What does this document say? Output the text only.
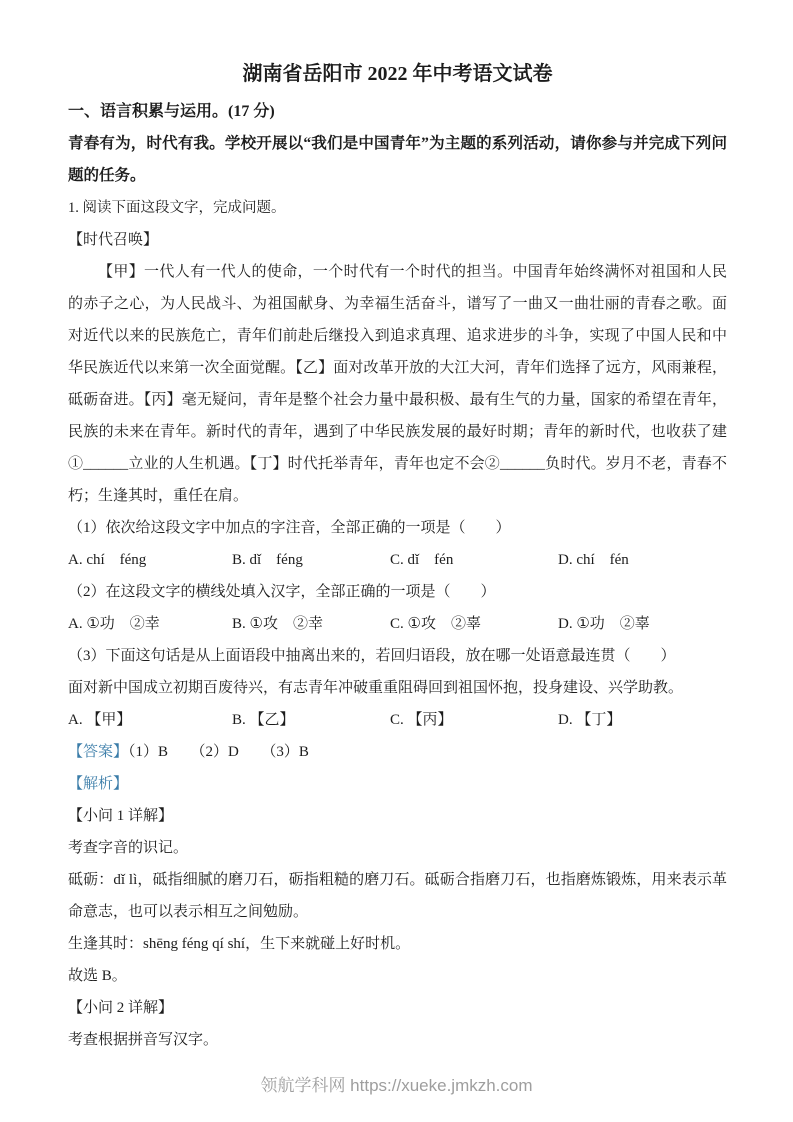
湖南省岳阳市 2022 年中考语文试卷
一、语言积累与运用。(17 分)

青春有为，时代有我。学校开展以“我们是中国青年”为主题的系列活动，请你参与并完成下列问题的任务。

1. 阅读下面这段文字，完成问题。

【时代召唤】

【甲】一代人有一代人的使命，一个时代有一个时代的担当。中国青年始终满怀对祖国和人民的赤子之心，为人民战斗、为祖国献身、为幸福生活奋斗，谱写了一曲又一曲壮丽的青春之歌。面对近代以来的民族危亡，青年们前赴后继投入到追求真理、追求进步的斗争，实现了中国人民和中华民族近代以来第一次全面觉醒。【乙】面对改革开放的大江大河，青年们选择了远方，风雨兼程，砥 •砺奋进。【丙】毫无疑问，青年是整个社会力量中最积极、最有生气的力量，国家的希望在青年，民族的未来在青年。新时代的青年，遇到了中华民族发展的最好时期；青年的新时代，也收获了建①______立业的人生机遇。【丁】时代托举青年，青年也定不会②______负时代。岁月不老，青春不朽；生逢 •其时，重任在肩。

（1）依次给这段文字中加点的字注音，全部正确的一项是（　　）

A. chí　féng	B. dǐ　féng	C. dǐ　fén	D. chí　fén

（2）在这段文字的横线处填入汉字，全部正确的一项是（　　）

A. ①功　②幸	B. ①攻　②幸	C. ①攻　②辜	D. ①功　②辜

（3）下面这句话是从上面语段中抽离出来的，若回归语段，放在哪一处语意最连贯（　　）

面对新中国成立初期百废待兴，有志青年冲破重重阻碍回到祖国怀抱，投身建设、兴学助教。

A. 【甲】	B. 【乙】	C. 【丙】	D. 【丁】

【答案】（1）B　　（2）D　　（3）B

【解析】

【小问 1 详解】

考查字音的识记。

砥砺：dǐ lì，砥指细腻的磨刀石，砺指粗糙的磨刀石。砥砺合指磨刀石，也指磨炼锻炼，用来表示革命意志，也可以表示相互之间勉励。

生逢其时：shēng féng qí shí，生下来就碰上好时机。

故选 B。

【小问 2 详解】

考查根据拼音写汉字。

领航学科网 https://xueke.jmkzh.com
